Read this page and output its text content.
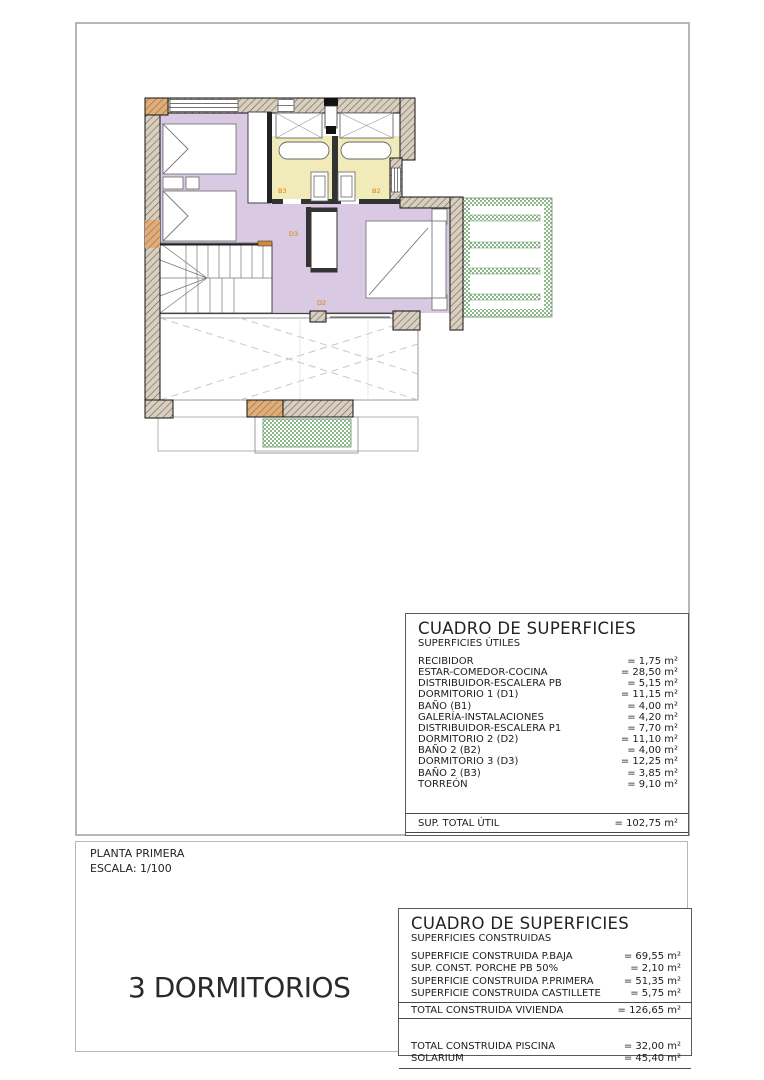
B3	B2
D3
D2
CUADRO DE SUPERFICIES
SUPERFICIES ÚTILES
RECIBIDOR	= 1,75 m²
ESTAR-COMEDOR-COCINA	= 28,50 m²
DISTRIBUIDOR-ESCALERA PB	= 5,15 m²
DORMITORIO 1 (D1)	= 11,15 m²
BAÑO (B1)	= 4,00 m²
GALERÍA-INSTALACIONES	= 4,20 m²
DISTRIBUIDOR-ESCALERA P1	= 7,70 m²
DORMITORIO 2 (D2)	= 11,10 m²
BAÑO 2 (B2)	= 4,00 m²
DORMITORIO 3 (D3)	= 12,25 m²
BAÑO 2 (B3)	= 3,85 m²
TORREÓN	= 9,10 m²
SUP. TOTAL ÚTIL	= 102,75 m²
PLANTA PRIMERA
ESCALA: 1/100
3 DORMITORIOS
CUADRO DE SUPERFICIES
SUPERFICIES CONSTRUIDAS
SUPERFICIE CONSTRUIDA P.BAJA	= 69,55 m²
SUP. CONST. PORCHE PB 50%	= 2,10 m²
SUPERFICIE CONSTRUIDA P.PRIMERA	= 51,35 m²
SUPERFICIE CONSTRUIDA CASTILLETE	= 5,75 m²
TOTAL CONSTRUIDA VIVIENDA	= 126,65 m²
TOTAL CONSTRUIDA PISCINA	= 32,00 m²
SOLARIUM	= 45,40 m²
